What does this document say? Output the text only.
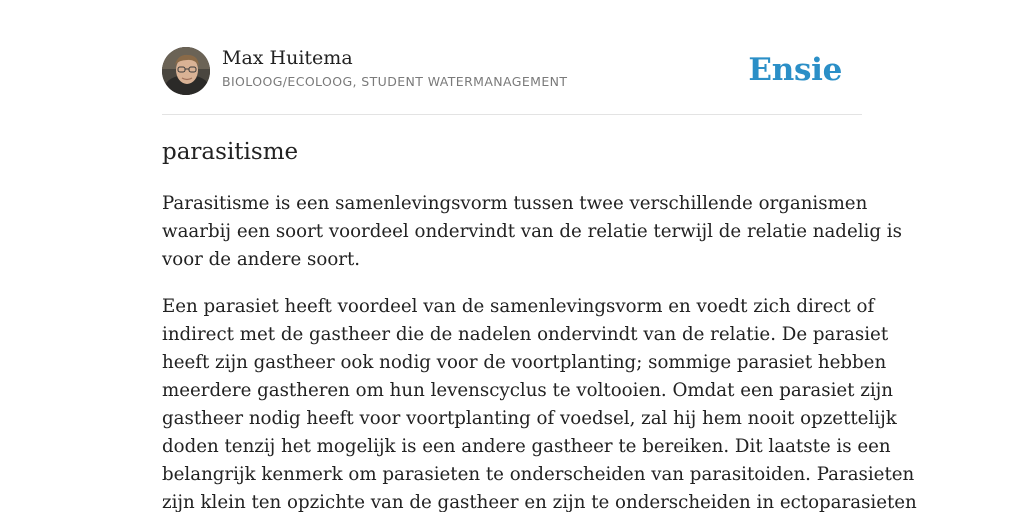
Max Huitema
BIOLOOG/ECOLOOG, STUDENT WATERMANAGEMENT	Ensie
parasitisme

Parasitisme is een samenlevingsvorm tussen twee verschillende organismen
waarbij een soort voordeel ondervindt van de relatie terwijl de relatie nadelig is
voor de andere soort.

Een parasiet heeft voordeel van de samenlevingsvorm en voedt zich direct of
indirect met de gastheer die de nadelen ondervindt van de relatie. De parasiet
heeft zijn gastheer ook nodig voor de voortplanting; sommige parasiet hebben
meerdere gastheren om hun levenscyclus te voltooien. Omdat een parasiet zijn
gastheer nodig heeft voor voortplanting of voedsel, zal hij hem nooit opzettelijk
doden tenzij het mogelijk is een andere gastheer te bereiken. Dit laatste is een
belangrijk kenmerk om parasieten te onderscheiden van parasitoiden. Parasieten
zijn klein ten opzichte van de gastheer en zijn te onderscheiden in ectoparasieten
